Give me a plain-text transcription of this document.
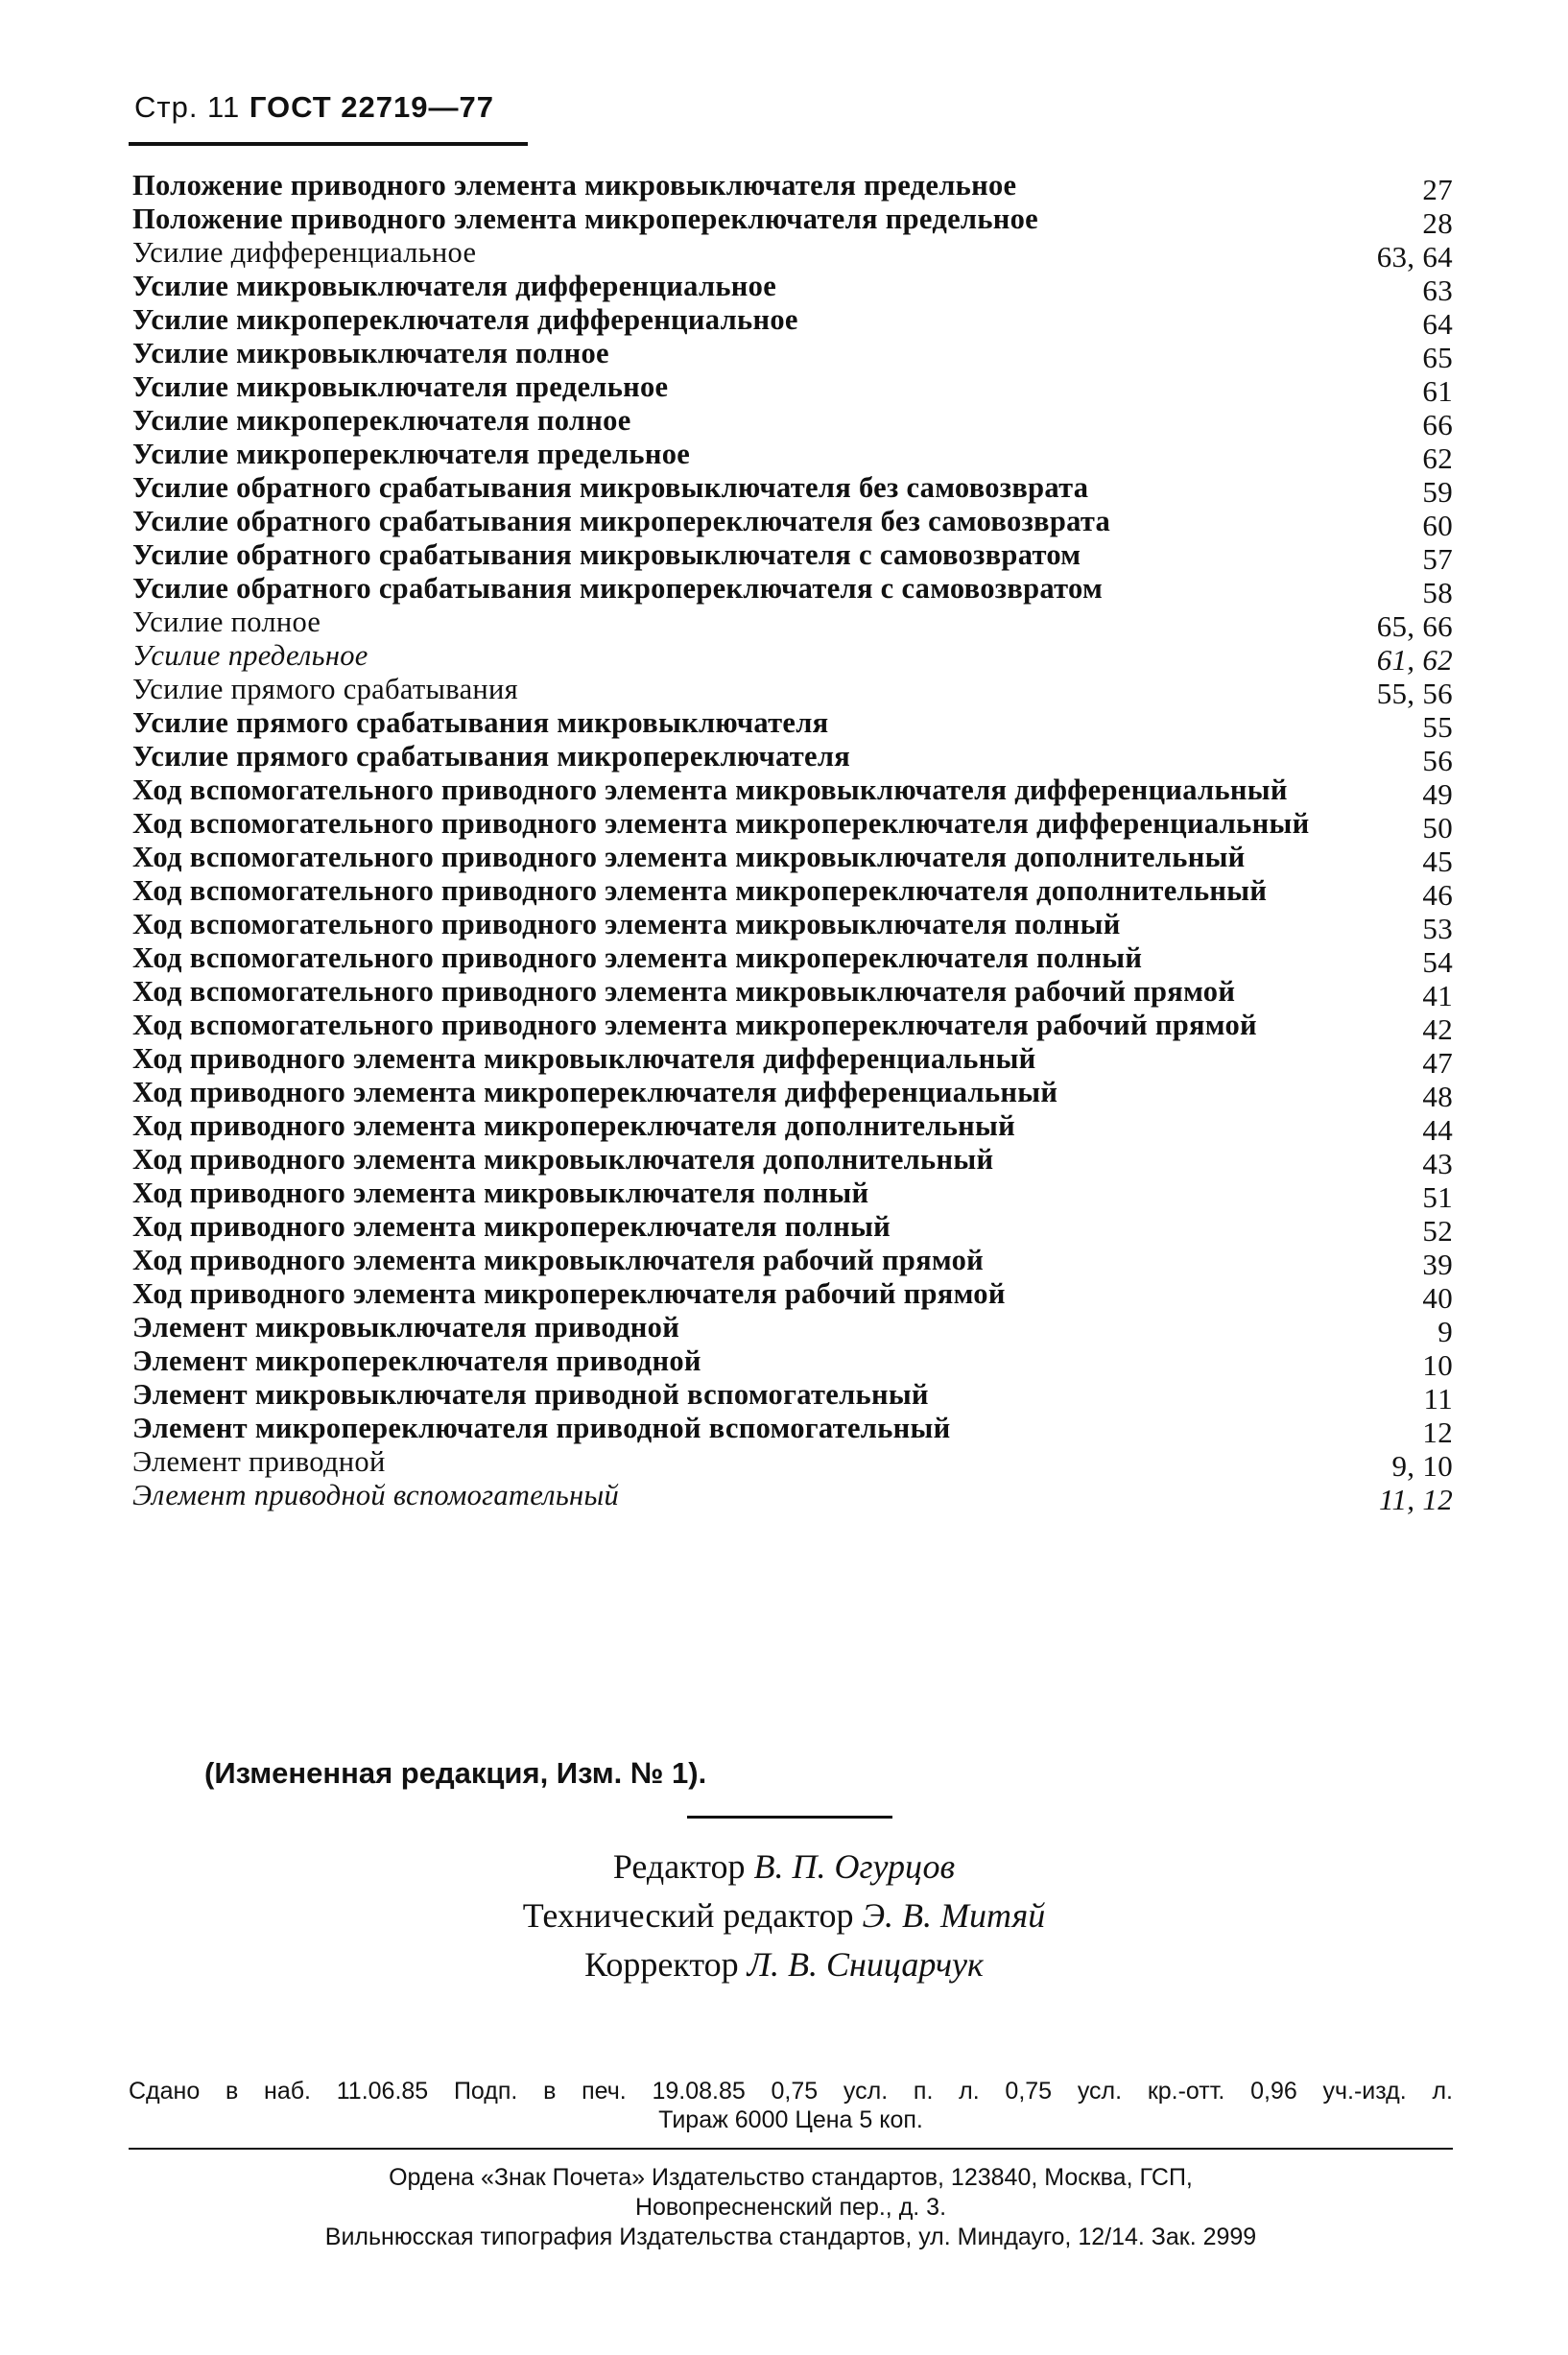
Стр. 11 ГОСТ 22719—77
Положение приводного элемента микровыключателя предельное	27
Положение приводного элемента микропереключателя предельное	28
Усилие дифференциальное	63, 64
Усилие микровыключателя дифференциальное	63
Усилие микропереключателя дифференциальное	64
Усилие микровыключателя полное	65
Усилие микровыключателя предельное	61
Усилие микропереключателя полное	66
Усилие микропереключателя предельное	62
Усилие обратного срабатывания микровыключателя без самовозврата	59
Усилие обратного срабатывания микропереключателя без самовозврата	60
Усилие обратного срабатывания микровыключателя с самовозвратом	57
Усилие обратного срабатывания микропереключателя с самовозвратом	58
Усилие полное	65, 66
Усилие предельное	61, 62
Усилие прямого срабатывания	55, 56
Усилие прямого срабатывания микровыключателя	55
Усилие прямого срабатывания микропереключателя	56
Ход вспомогательного приводного элемента микровыключателя дифференциальный	49
Ход вспомогательного приводного элемента микропереключателя дифференциальный	50
Ход вспомогательного приводного элемента микровыключателя дополнительный	45
Ход вспомогательного приводного элемента микропереключателя дополнительный	46
Ход вспомогательного приводного элемента микровыключателя полный	53
Ход вспомогательного приводного элемента микропереключателя полный	54
Ход вспомогательного приводного элемента микровыключателя рабочий прямой	41
Ход вспомогательного приводного элемента микропереключателя рабочий прямой	42
Ход приводного элемента микровыключателя дифференциальный	47
Ход приводного элемента микропереключателя дифференциальный	48
Ход приводного элемента микропереключателя дополнительный	44
Ход приводного элемента микровыключателя дополнительный	43
Ход приводного элемента микровыключателя полный	51
Ход приводного элемента микропереключателя полный	52
Ход приводного элемента микровыключателя рабочий прямой	39
Ход приводного элемента микропереключателя рабочий прямой	40
Элемент микровыключателя приводной	9
Элемент микропереключателя приводной	10
Элемент микровыключателя приводной вспомогательный	11
Элемент микропереключателя приводной вспомогательный	12
Элемент приводной	9, 10
Элемент приводной вспомогательный	11, 12
(Измененная редакция, Изм. № 1).
Редактор В. П. Огурцов
Технический редактор Э. В. Митяй
Корректор Л. В. Сницарчук
Сдано в наб. 11.06.85 Подп. в печ. 19.08.85 0,75 усл. п. л. 0,75 усл. кр.-отт. 0,96 уч.-изд. л.
Тираж 6000 Цена 5 коп.
Ордена «Знак Почета» Издательство стандартов, 123840, Москва, ГСП,
Новопресненский пер., д. 3.
Вильнюсская типография Издательства стандартов, ул. Миндауго, 12/14. Зак. 2999
